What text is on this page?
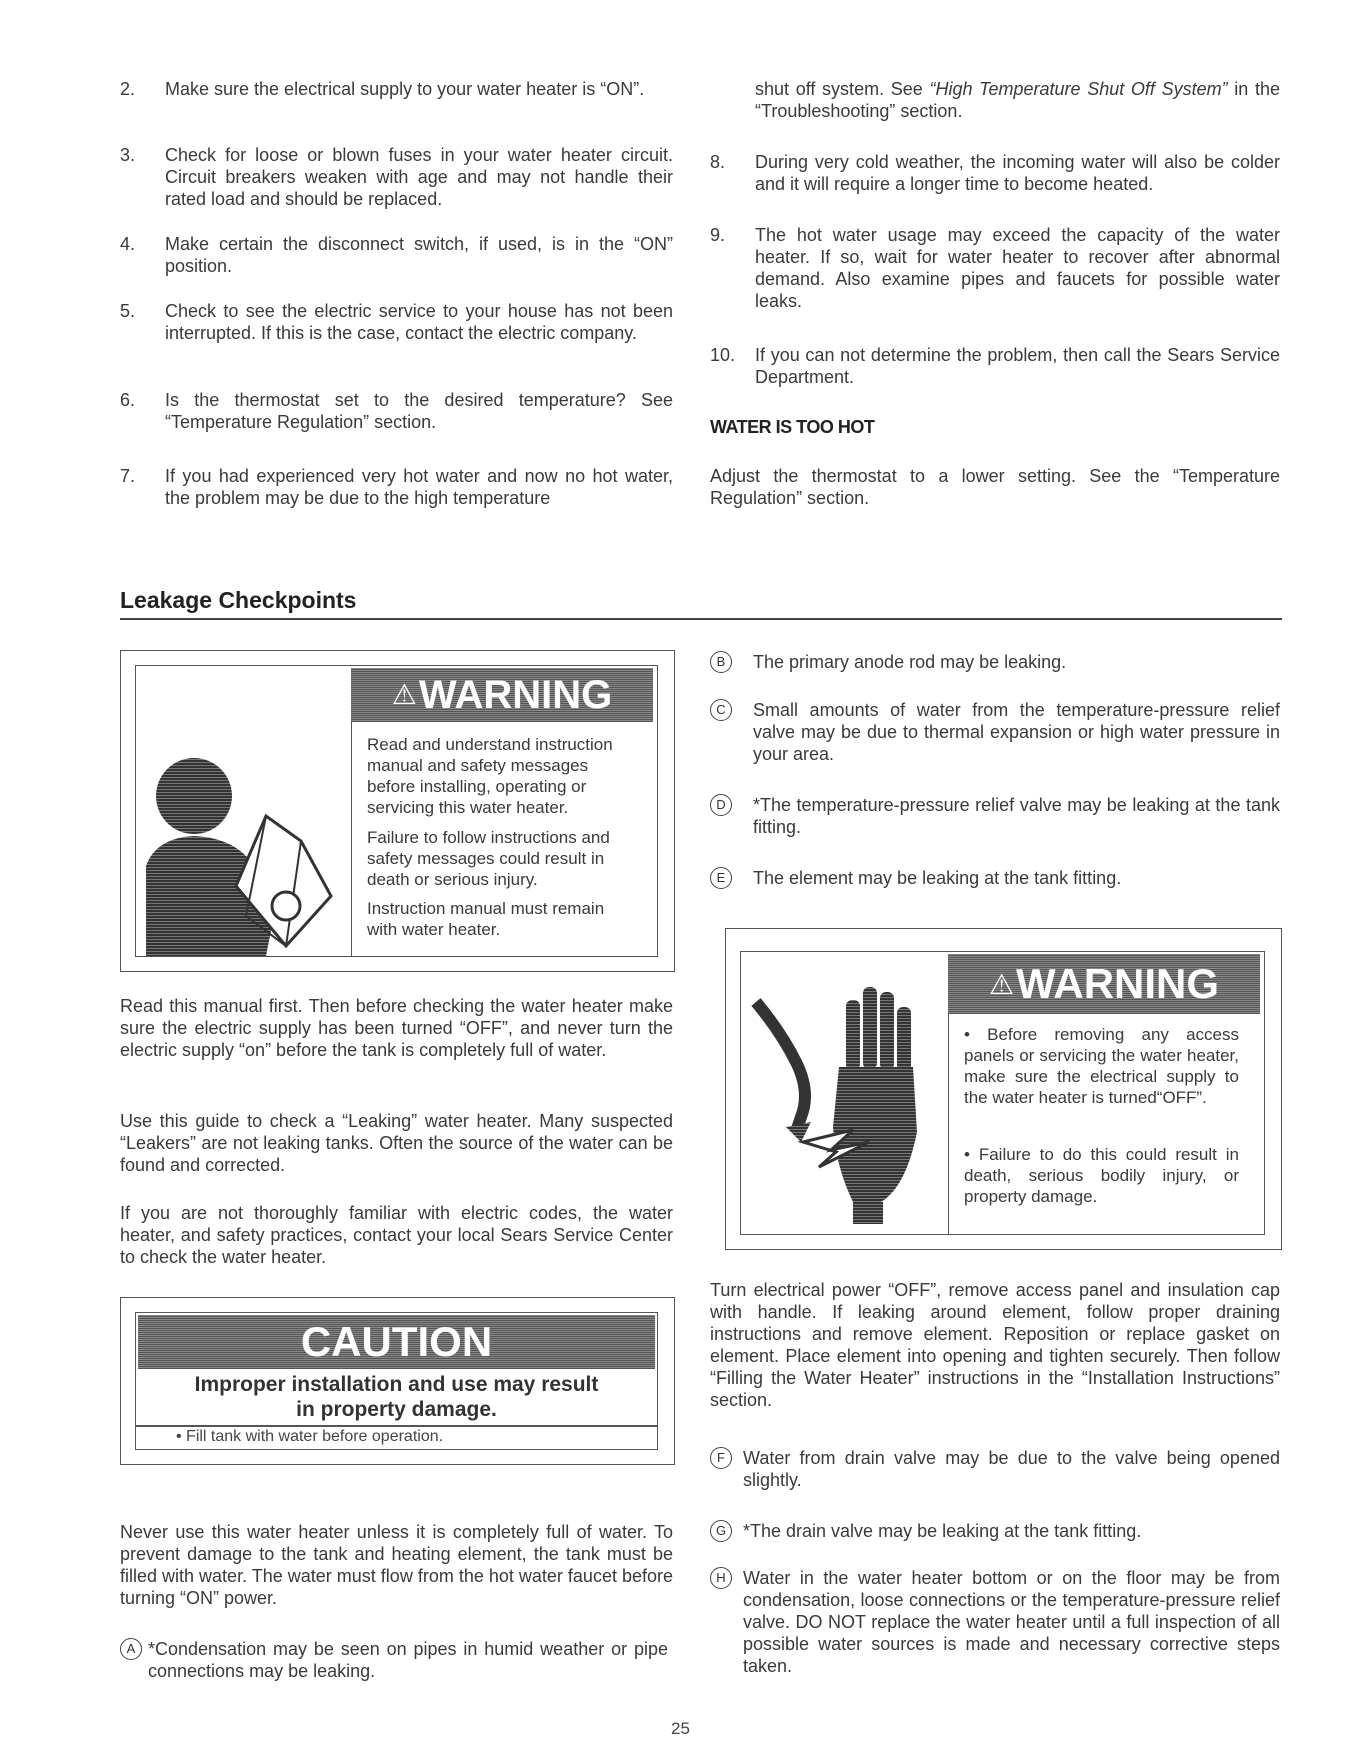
2. Make sure the electrical supply to your water heater is “ON”.
3. Check for loose or blown fuses in your water heater circuit. Circuit breakers weaken with age and may not handle their rated load and should be replaced.
4. Make certain the disconnect switch, if used, is in the “ON” position.
5. Check to see the electric service to your house has not been interrupted. If this is the case, contact the electric company.
6. Is the thermostat set to the desired temperature? See “Temperature Regulation” section.
7. If you had experienced very hot water and now no hot water, the problem may be due to the high temperature
shut off system. See “High Temperature Shut Off System” in the “Troubleshooting” section.
8. During very cold weather, the incoming water will also be colder and it will require a longer time to become heated.
9. The hot water usage may exceed the capacity of the water heater. If so, wait for water heater to recover after abnormal demand. Also examine pipes and faucets for possible water leaks.
10. If you can not determine the problem, then call the Sears Service Department.
WATER IS TOO HOT
Adjust the thermostat to a lower setting. See the “Temperature Regulation” section.
Leakage Checkpoints
⚠WARNING
Read and understand instruction manual and safety messages before installing, operating or servicing this water heater.
Failure to follow instructions and safety messages could result in death or serious injury.
Instruction manual must remain with water heater.
Read this manual first. Then before checking the water heater make sure the electric supply has been turned “OFF”, and never turn the electric supply “on” before the tank is completely full of water.
Use this guide to check a “Leaking” water heater. Many suspected “Leakers” are not leaking tanks. Often the source of the water can be found and corrected.
If you are not thoroughly familiar with electric codes, the water heater, and safety practices, contact your local Sears Service Center to check the water heater.
CAUTION
Improper installation and use may result
in property damage.
• Fill tank with water before operation.
Never use this water heater unless it is completely full of water. To prevent damage to the tank and heating element, the tank must be filled with water. The water must flow from the hot water faucet before turning “ON” power.
A *Condensation may be seen on pipes in humid weather or pipe connections may be leaking.
B	The primary anode rod may be leaking.
C	Small amounts of water from the temperature-pressure relief valve may be due to thermal expansion or high water pressure in your area.
D	*The temperature-pressure relief valve may be leaking at the tank fitting.
E	The element may be leaking at the tank fitting.
⚠WARNING
• Before removing any access panels or servicing the water heater, make sure the electrical supply to the water heater is turned“OFF”.
• Failure to do this could result in death, serious bodily injury, or property damage.
Turn electrical power “OFF”, remove access panel and insulation cap with handle. If leaking around element, follow proper draining instructions and remove element. Reposition or replace gasket on element. Place element into opening and tighten securely. Then follow “Filling the Water Heater” instructions in the “Installation Instructions” section.
F	Water from drain valve may be due to the valve being opened slightly.
G *The drain valve may be leaking at the tank fitting.
H Water in the water heater bottom or on the floor may be from condensation, loose connections or the temperature-pressure relief valve. DO NOT replace the water heater until a full inspection of all possible water sources is made and necessary corrective steps taken.
25
